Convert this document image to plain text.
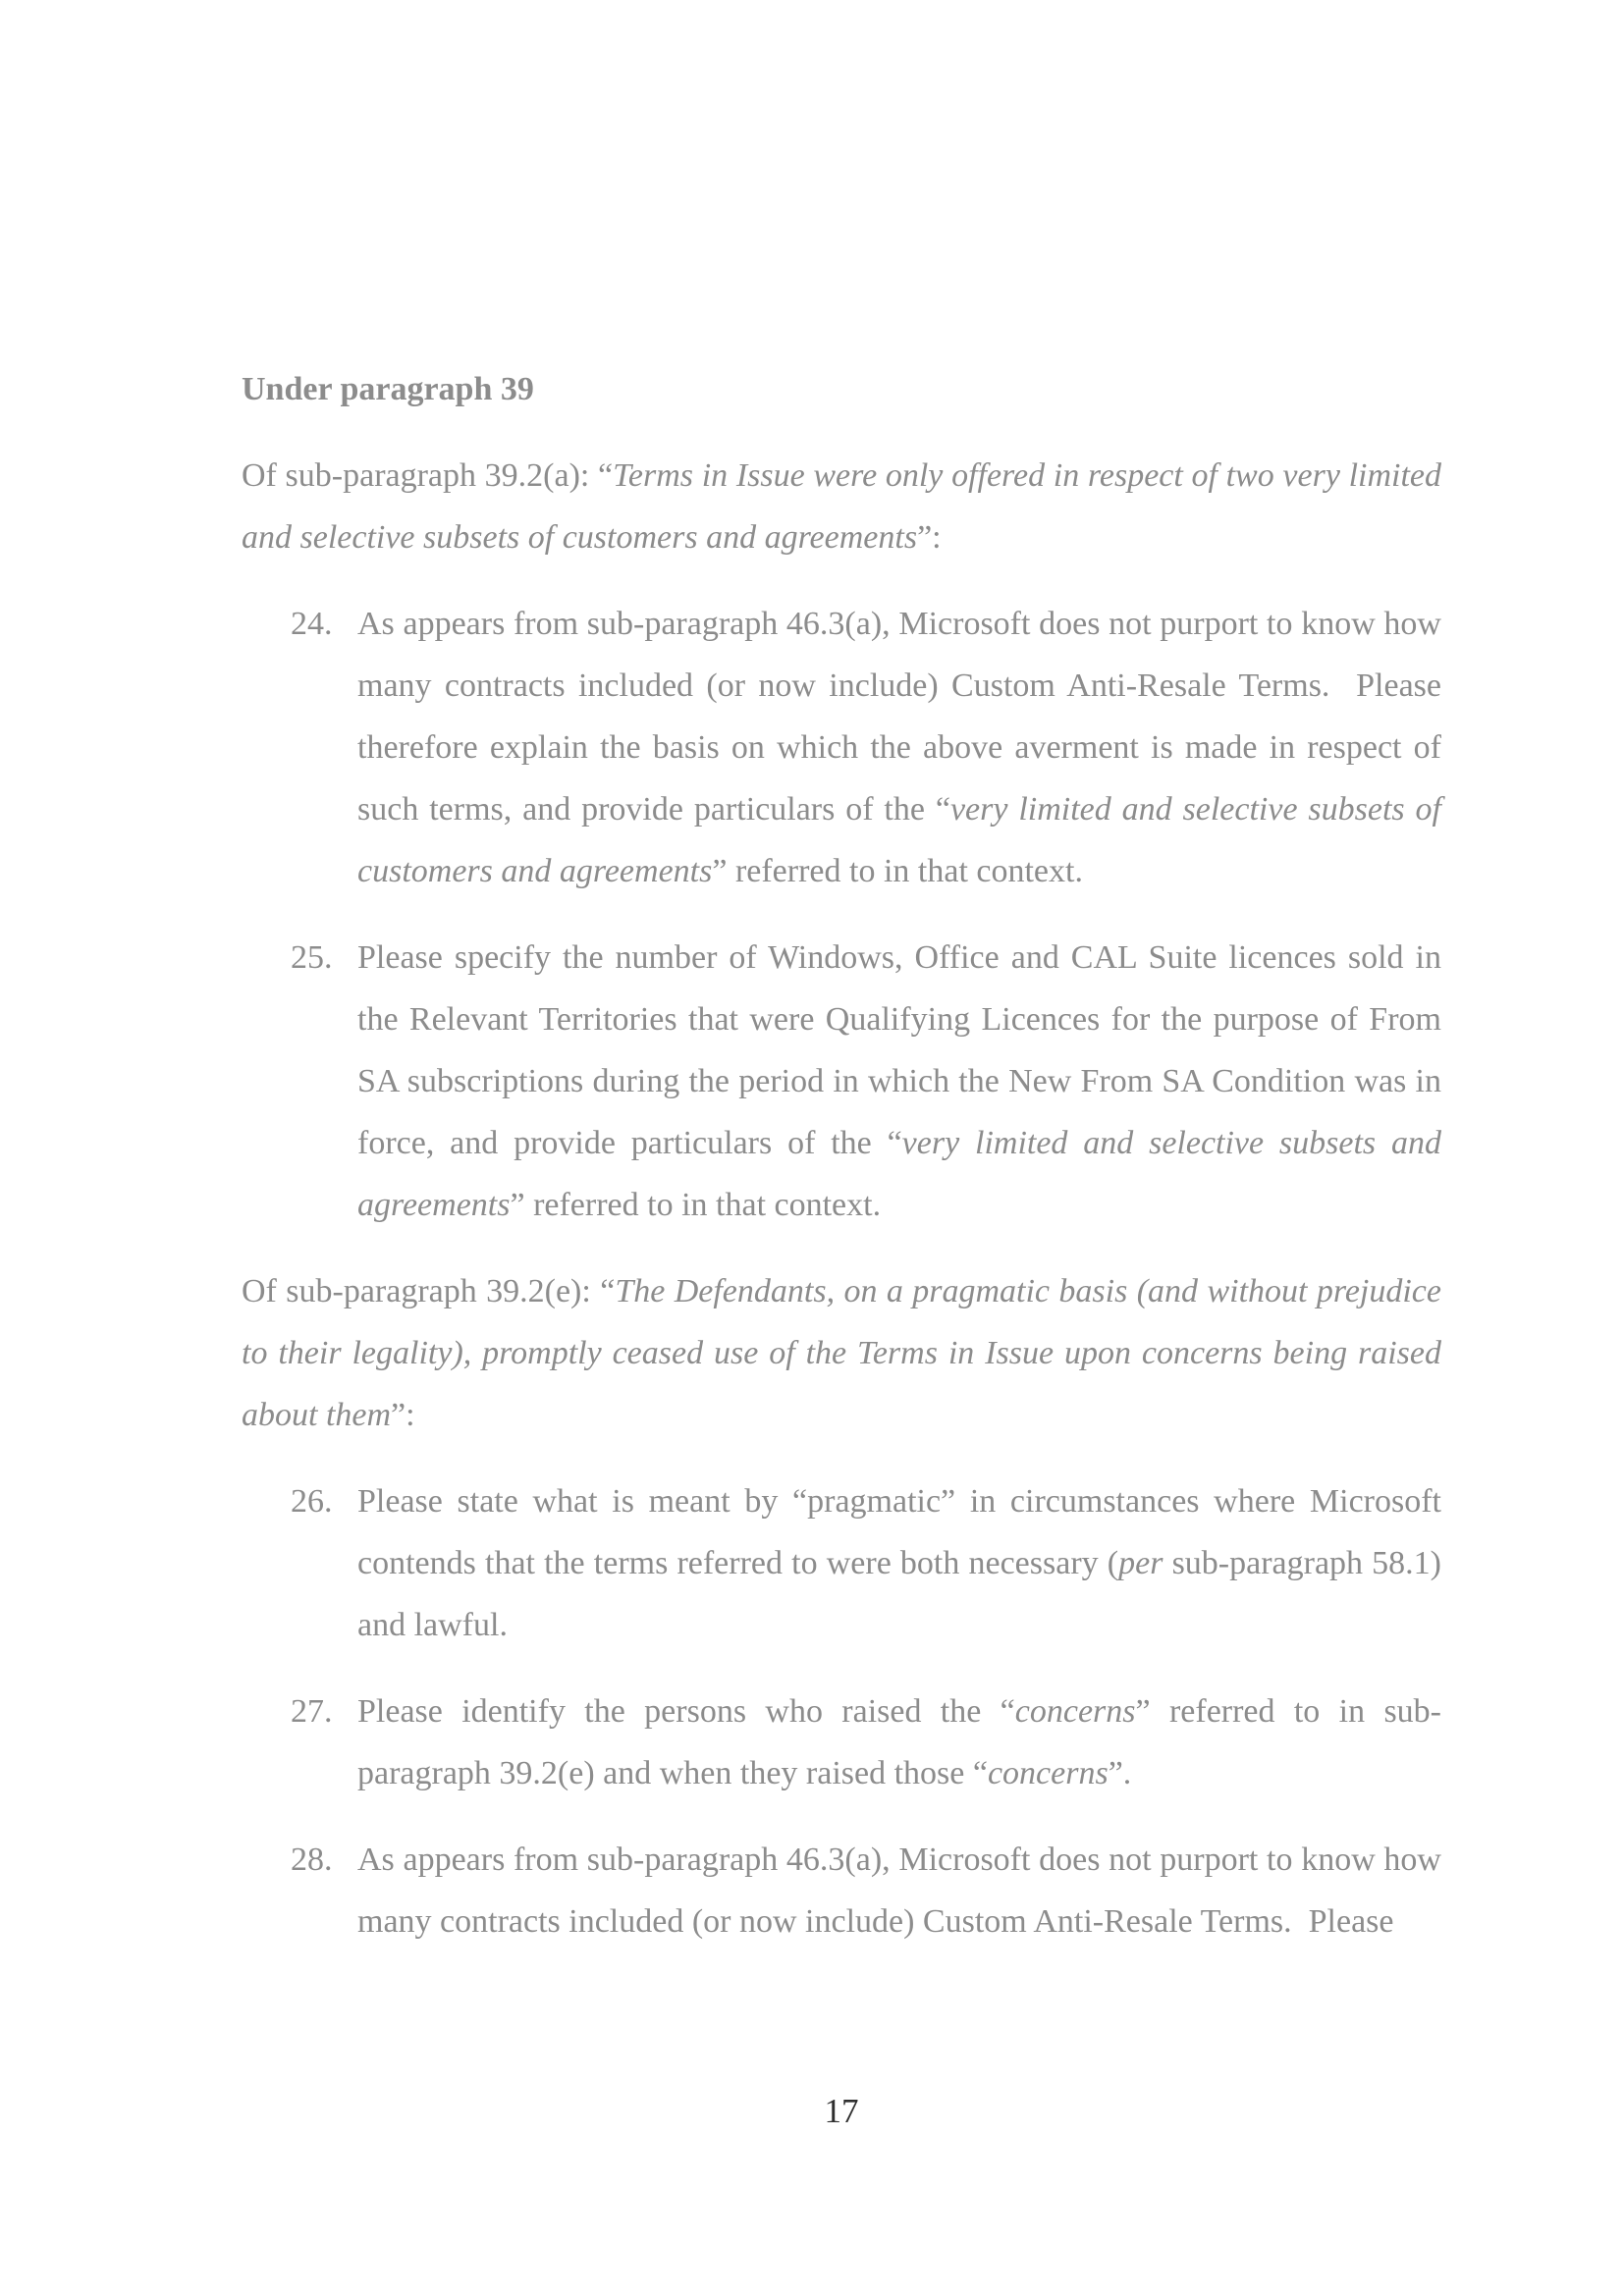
Under paragraph 39

Of sub-paragraph 39.2(a): “Terms in Issue were only offered in respect of two very limited and selective subsets of customers and agreements”:

24. As appears from sub-paragraph 46.3(a), Microsoft does not purport to know how many contracts included (or now include) Custom Anti-Resale Terms.  Please therefore explain the basis on which the above averment is made in respect of such terms, and provide particulars of the “very limited and selective subsets of customers and agreements” referred to in that context.
25. Please specify the number of Windows, Office and CAL Suite licences sold in the Relevant Territories that were Qualifying Licences for the purpose of From SA subscriptions during the period in which the New From SA Condition was in force, and provide particulars of the “very limited and selective subsets and agreements” referred to in that context.

Of sub-paragraph 39.2(e): “The Defendants, on a pragmatic basis (and without prejudice to their legality), promptly ceased use of the Terms in Issue upon concerns being raised about them”:

26. Please state what is meant by “pragmatic” in circumstances where Microsoft contends that the terms referred to were both necessary (per sub-paragraph 58.1) and lawful.
27. Please identify the persons who raised the “concerns” referred to in sub-paragraph 39.2(e) and when they raised those “concerns”.
28. As appears from sub-paragraph 46.3(a), Microsoft does not purport to know how many contracts included (or now include) Custom Anti-Resale Terms.  Please
17
